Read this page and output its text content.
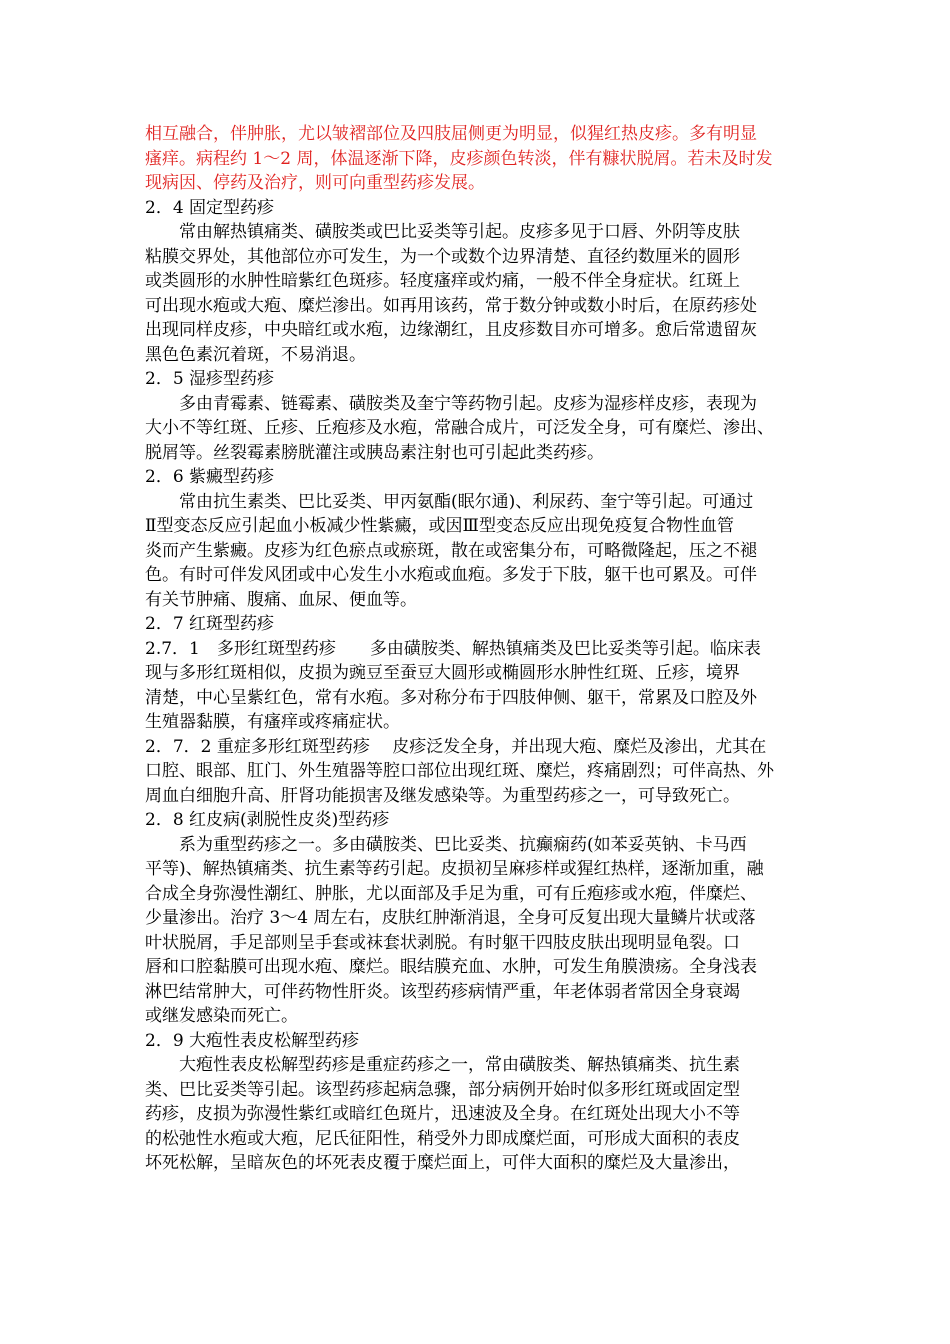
相互融合，伴肿胀，尤以皱褶部位及四肢屈侧更为明显，似猩红热皮疹。多有明显
瘙痒。病程约 1～2 周，体温逐渐下降，皮疹颜色转淡，伴有糠状脱屑。若未及时发
现病因、停药及治疗，则可向重型药疹发展。
2．4 固定型药疹
常由解热镇痛类、磺胺类或巴比妥类等引起。皮疹多见于口唇、外阴等皮肤
粘膜交界处，其他部位亦可发生，为一个或数个边界清楚、直径约数厘米的圆形
或类圆形的水肿性暗紫红色斑疹。轻度瘙痒或灼痛，一般不伴全身症状。红斑上
可出现水疱或大疱、糜烂渗出。如再用该药，常于数分钟或数小时后，在原药疹处
出现同样皮疹，中央暗红或水疱，边缘潮红，且皮疹数目亦可增多。愈后常遗留灰
黑色色素沉着斑，不易消退。
2．5 湿疹型药疹
多由青霉素、链霉素、磺胺类及奎宁等药物引起。皮疹为湿疹样皮疹，表现为
大小不等红斑、丘疹、丘疱疹及水疱，常融合成片，可泛发全身，可有糜烂、渗出、
脱屑等。丝裂霉素膀胱灌注或胰岛素注射也可引起此类药疹。
2．6 紫癜型药疹
常由抗生素类、巴比妥类、甲丙氨酯(眠尔通)、利尿药、奎宁等引起。可通过
Ⅱ型变态反应引起血小板减少性紫癜，或因Ⅲ型变态反应出现免疫复合物性血管
炎而产生紫癜。皮疹为红色瘀点或瘀斑，散在或密集分布，可略微隆起，压之不褪
色。有时可伴发风团或中心发生小水疱或血疱。多发于下肢，躯干也可累及。可伴
有关节肿痛、腹痛、血尿、便血等。
2．7 红斑型药疹
2.7．1　多形红斑型药疹　　多由磺胺类、解热镇痛类及巴比妥类等引起。临床表
现与多形红斑相似，皮损为豌豆至蚕豆大圆形或椭圆形水肿性红斑、丘疹，境界
清楚，中心呈紫红色，常有水疱。多对称分布于四肢伸侧、躯干，常累及口腔及外
生殖器黏膜，有瘙痒或疼痛症状。
2．7．2 重症多形红斑型药疹　 皮疹泛发全身，并出现大疱、糜烂及渗出，尤其在
口腔、眼部、肛门、外生殖器等腔口部位出现红斑、糜烂，疼痛剧烈；可伴高热、外
周血白细胞升高、肝肾功能损害及继发感染等。为重型药疹之一，可导致死亡。
2．8 红皮病(剥脱性皮炎)型药疹
系为重型药疹之一。多由磺胺类、巴比妥类、抗癫痫药(如苯妥英钠、卡马西
平等)、解热镇痛类、抗生素等药引起。皮损初呈麻疹样或猩红热样，逐渐加重，融
合成全身弥漫性潮红、肿胀，尤以面部及手足为重，可有丘疱疹或水疱，伴糜烂、
少量渗出。治疗 3～4 周左右，皮肤红肿渐消退，全身可反复出现大量鳞片状或落
叶状脱屑，手足部则呈手套或袜套状剥脱。有时躯干四肢皮肤出现明显龟裂。口
唇和口腔黏膜可出现水疱、糜烂。眼结膜充血、水肿，可发生角膜溃疡。全身浅表
淋巴结常肿大，可伴药物性肝炎。该型药疹病情严重，年老体弱者常因全身衰竭
或继发感染而死亡。
2．9 大疱性表皮松解型药疹
大疱性表皮松解型药疹是重症药疹之一，常由磺胺类、解热镇痛类、抗生素
类、巴比妥类等引起。该型药疹起病急骤，部分病例开始时似多形红斑或固定型
药疹，皮损为弥漫性紫红或暗红色斑片，迅速波及全身。在红斑处出现大小不等
的松弛性水疱或大疱，尼氏征阳性，稍受外力即成糜烂面，可形成大面积的表皮
坏死松解，呈暗灰色的坏死表皮覆于糜烂面上，可伴大面积的糜烂及大量渗出，
